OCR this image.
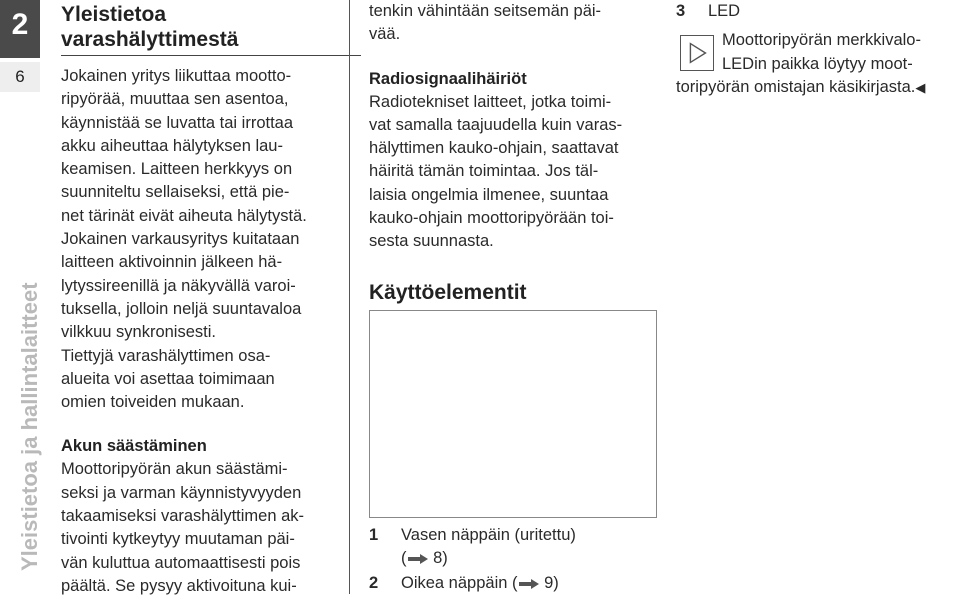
2
6
Yleistietoa ja hallintalaitteet
Yleistietoa
varashälyttimestä
Jokainen yritys liikuttaa moottо-
ripyörää, muuttaa sen asentoa,
käynnistää se luvatta tai irrottaa
akku aiheuttaa hälytyksen lau-
keamisen. Laitteen herkkyys on
suunniteltu sellaiseksi, että pie-
net tärinät eivät aiheuta hälytystä.
Jokainen varkausyritys kuitataan
laitteen aktivoinnin jälkeen hä-
lytyssireenillä ja näkyvällä varoi-
tuksella, jolloin neljä suuntavaloa
vilkkuu synkronisesti.
Tiettyjä varashälyttimen osa-
alueita voi asettaa toimimaan
omien toiveiden mukaan.
Akun säästäminen
Moottoripyörän akun säästämi-
seksi ja varman käynnistyvyyden
takaamiseksi varashälyttimen ak-
tivointi kytkeytyy muutaman päi-
vän kuluttua automaattisesti pois
päältä. Se pysyy aktivoituna kui-
tenkin vähintään seitsemän päi-
vää.
Radiosignaalihäiriöt
Radiotekniset laitteet, jotka toimi-
vat samalla taajuudella kuin varas-
hälyttimen kauko-ohjain, saattavat
häiritä tämän toimintaa. Jos täl-
laisia ongelmia ilmenee, suuntaa
kauko-ohjain moottoripyörään toi-
sesta suunnasta.
Käyttöelementit
1 Vasen näppäin (uritettu)
( 8)
2 Oikea näppäin ( 9)
3 LED
Moottoripyörän merkkivalo-
LEDin paikka löytyy moot-
toripyörän omistajan käsikirjasta.◀
